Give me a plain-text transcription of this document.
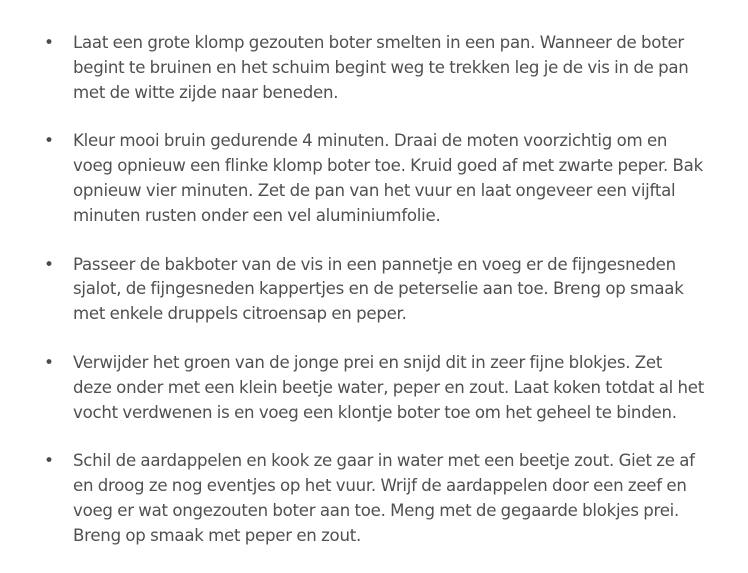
• Laat een grote klomp gezouten boter smelten in een pan. Wanneer de boter
begint te bruinen en het schuim begint weg te trekken leg je de vis in de pan
met de witte zijde naar beneden.
• Kleur mooi bruin gedurende 4 minuten. Draai de moten voorzichtig om en
voeg opnieuw een flinke klomp boter toe. Kruid goed af met zwarte peper. Bak
opnieuw vier minuten. Zet de pan van het vuur en laat ongeveer een vijftal
minuten rusten onder een vel aluminiumfolie.
• Passeer de bakboter van de vis in een pannetje en voeg er de fijngesneden
sjalot, de fijngesneden kappertjes en de peterselie aan toe. Breng op smaak
met enkele druppels citroensap en peper.
• Verwijder het groen van de jonge prei en snijd dit in zeer fijne blokjes. Zet
deze onder met een klein beetje water, peper en zout. Laat koken totdat al het
vocht verdwenen is en voeg een klontje boter toe om het geheel te binden.
• Schil de aardappelen en kook ze gaar in water met een beetje zout. Giet ze af
en droog ze nog eventjes op het vuur. Wrijf de aardappelen door een zeef en
voeg er wat ongezouten boter aan toe. Meng met de gegaarde blokjes prei.
Breng op smaak met peper en zout.
